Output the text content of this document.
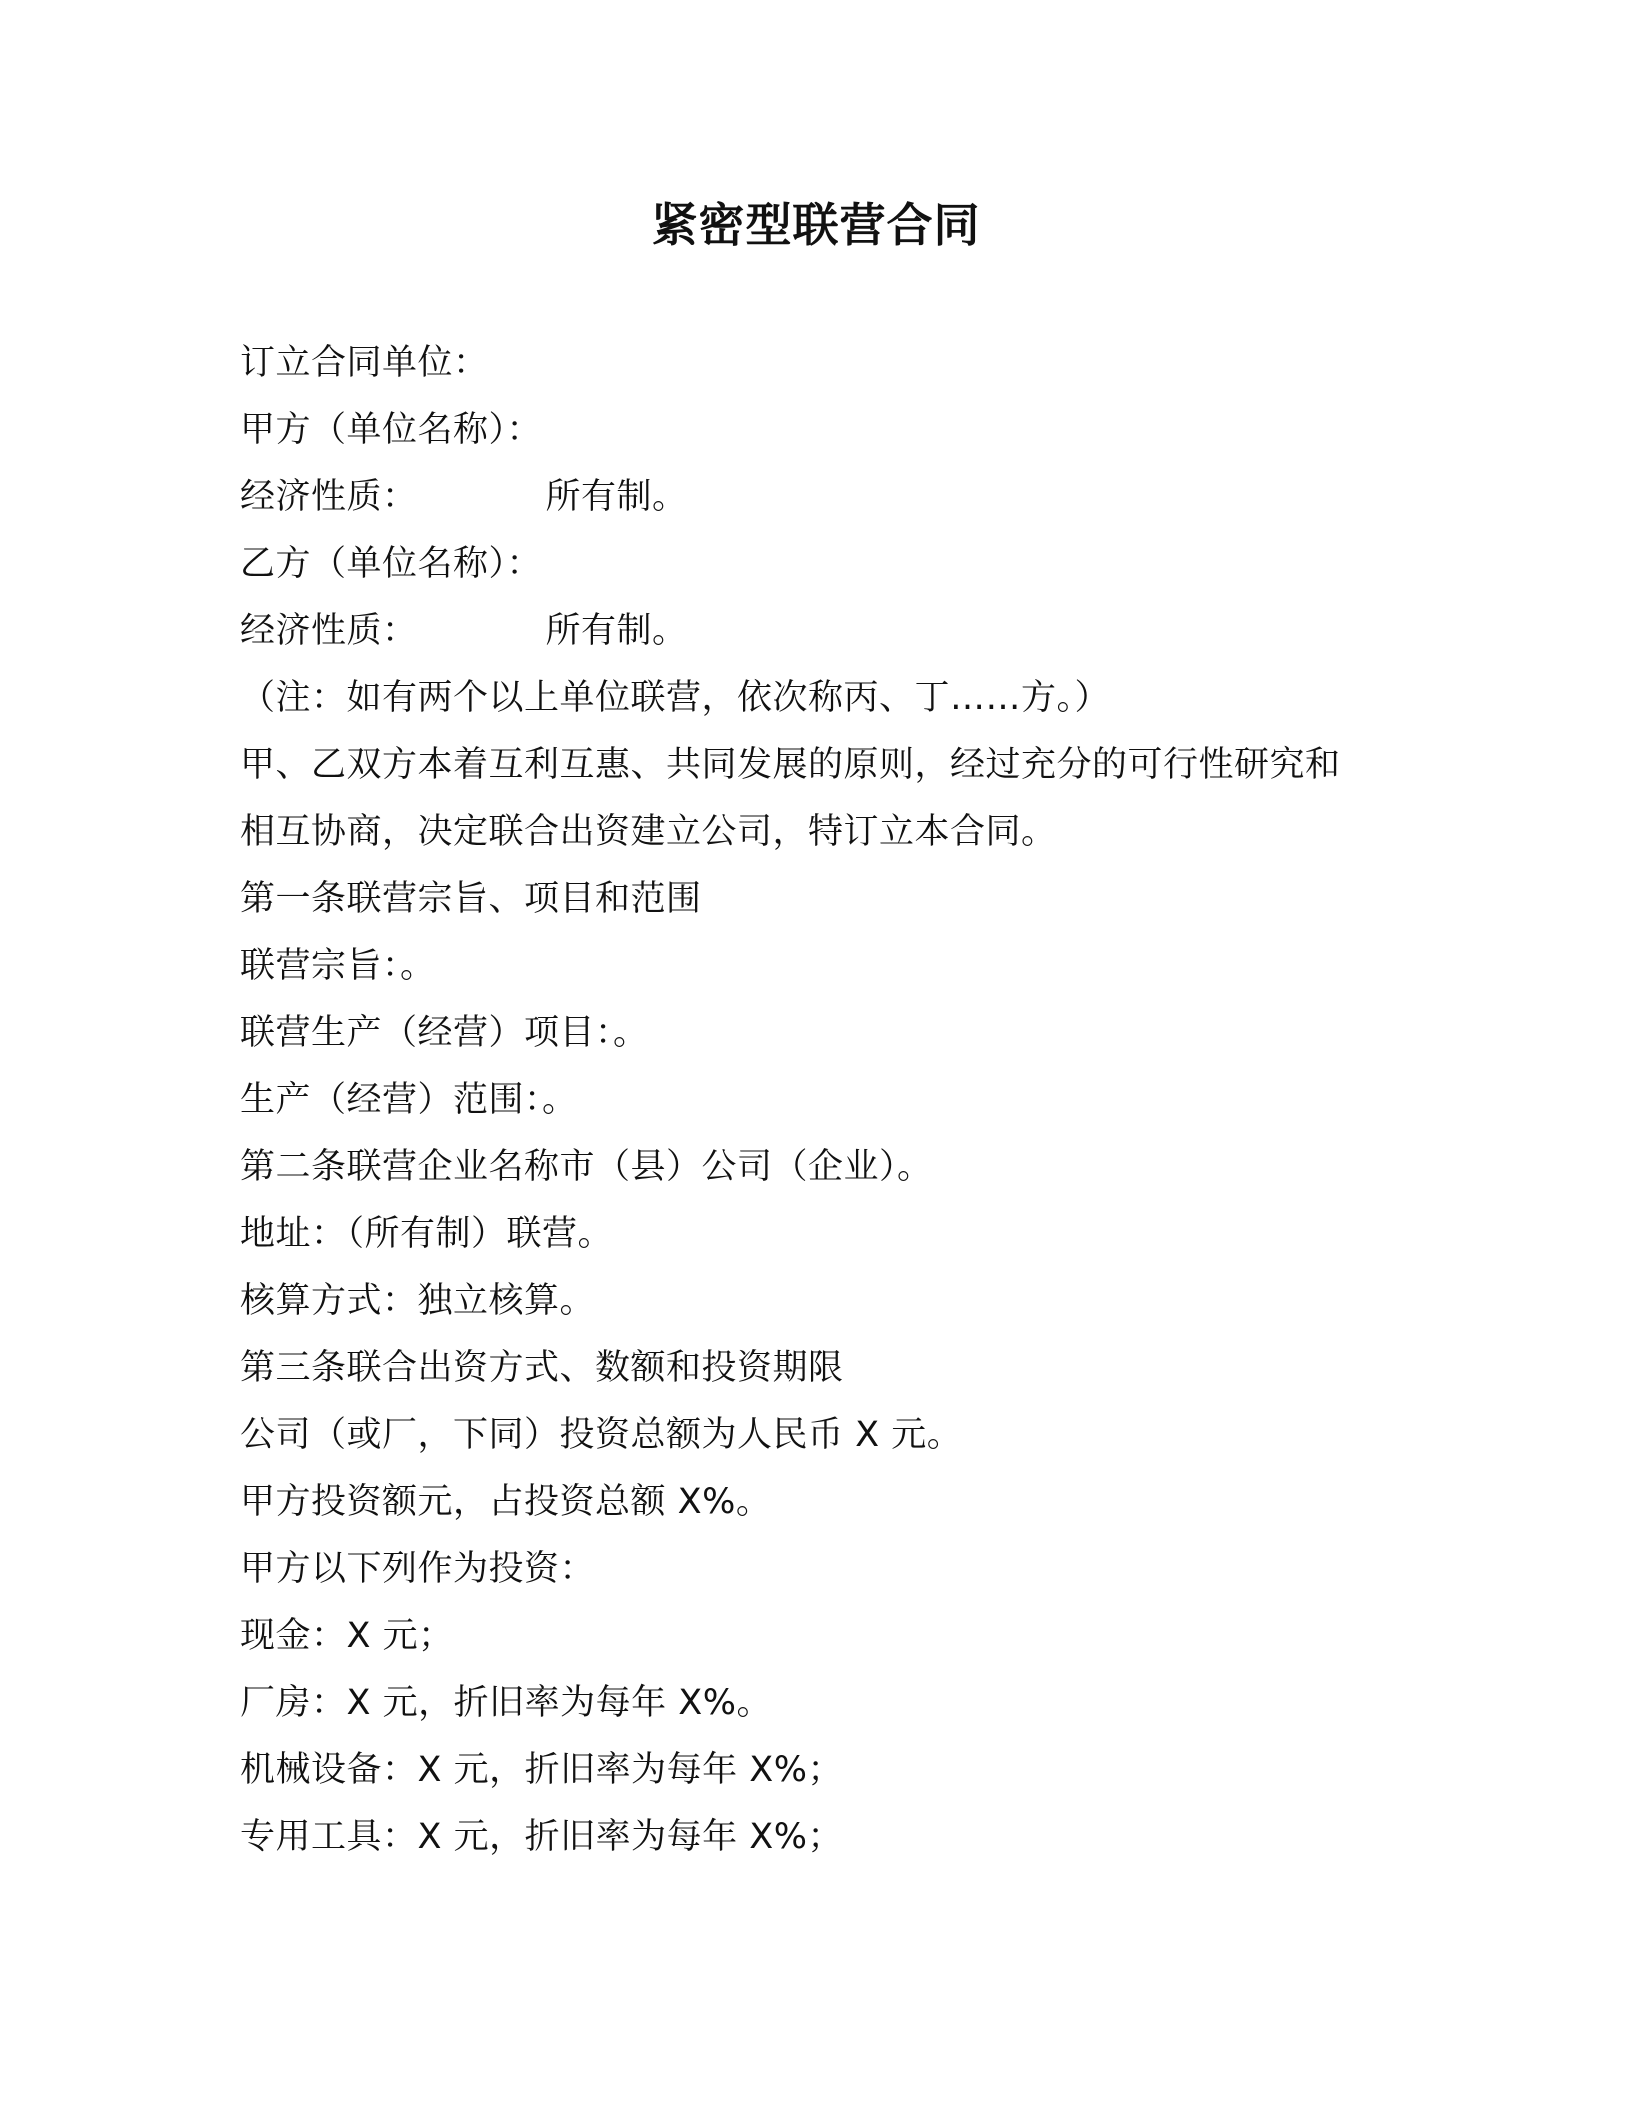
紧密型联营合同
订立合同单位：
甲方（单位名称）：
经济性质：	所有制。
乙方（单位名称）：
经济性质：	所有制。
（注：如有两个以上单位联营，依次称丙、丁……方。）
甲、乙双方本着互利互惠、共同发展的原则，经过充分的可行性研究和
相互协商，决定联合出资建立公司，特订立本合同。
第一条联营宗旨、项目和范围
联营宗旨：。
联营生产（经营）项目：。
生产（经营）范围：。
第二条联营企业名称市（县）公司（企业）。
地址：（所有制）联营。
核算方式：独立核算。
第三条联合出资方式、数额和投资期限
公司（或厂，下同）投资总额为人民币 X 元。
甲方投资额元，占投资总额 X%。
甲方以下列作为投资：
现金：X 元；
厂房：X 元，折旧率为每年 X%。
机械设备：X 元，折旧率为每年 X%；
专用工具：X 元，折旧率为每年 X%；
